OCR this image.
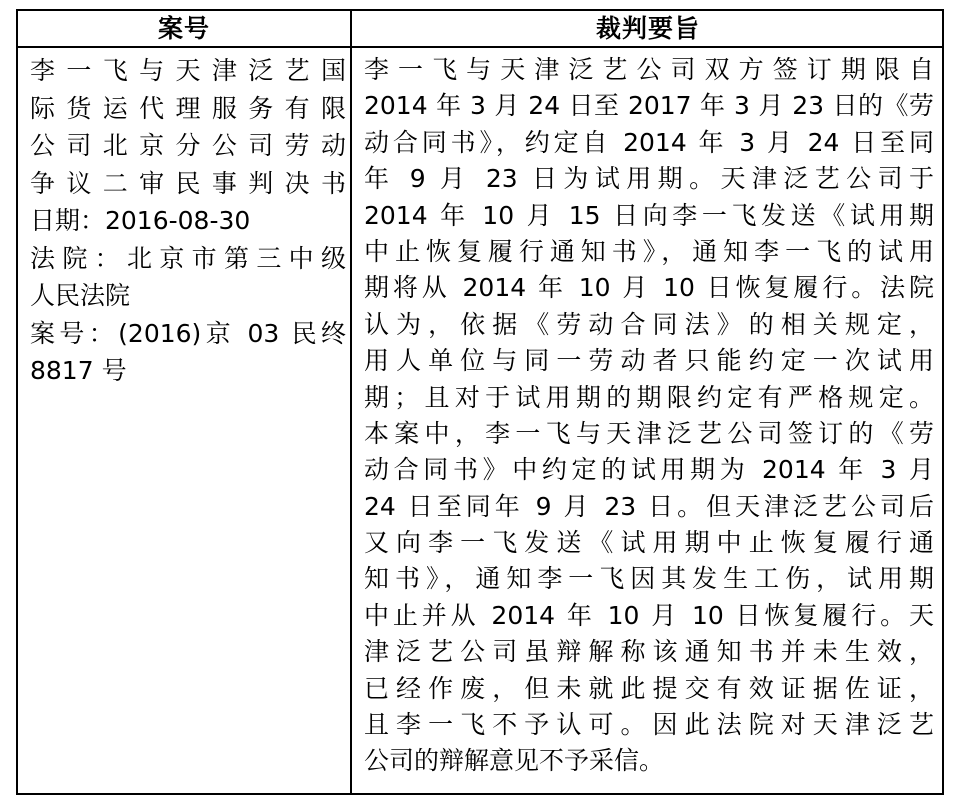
案号	裁判要旨
李一飞与天津泛艺国
际货运代理服务有限
公司北京分公司劳动
争议二审民事判决书
日期：2016-08-30
法院：北京市第三中级
人民法院
案号：(2016)京 03 民终
8817 号
李一飞与天津泛艺公司双方签订期限自
2014 年 3 月 24 日至 2017 年 3 月 23 日的《劳
动合同书》，约定自 2014 年 3 月 24 日至同
年 9 月 23 日为试用期。天津泛艺公司于
2014 年 10 月 15 日向李一飞发送《试用期
中止恢复履行通知书》，通知李一飞的试用
期将从 2014 年 10 月 10 日恢复履行。法院
认为，依据《劳动合同法》的相关规定，
用人单位与同一劳动者只能约定一次试用
期；且对于试用期的期限约定有严格规定。
本案中，李一飞与天津泛艺公司签订的《劳
动合同书》中约定的试用期为 2014 年 3 月
24 日至同年 9 月 23 日。但天津泛艺公司后
又向李一飞发送《试用期中止恢复履行通
知书》，通知李一飞因其发生工伤，试用期
中止并从 2014 年 10 月 10 日恢复履行。天
津泛艺公司虽辩解称该通知书并未生效，
已经作废，但未就此提交有效证据佐证，
且李一飞不予认可。因此法院对天津泛艺
公司的辩解意见不予采信。
